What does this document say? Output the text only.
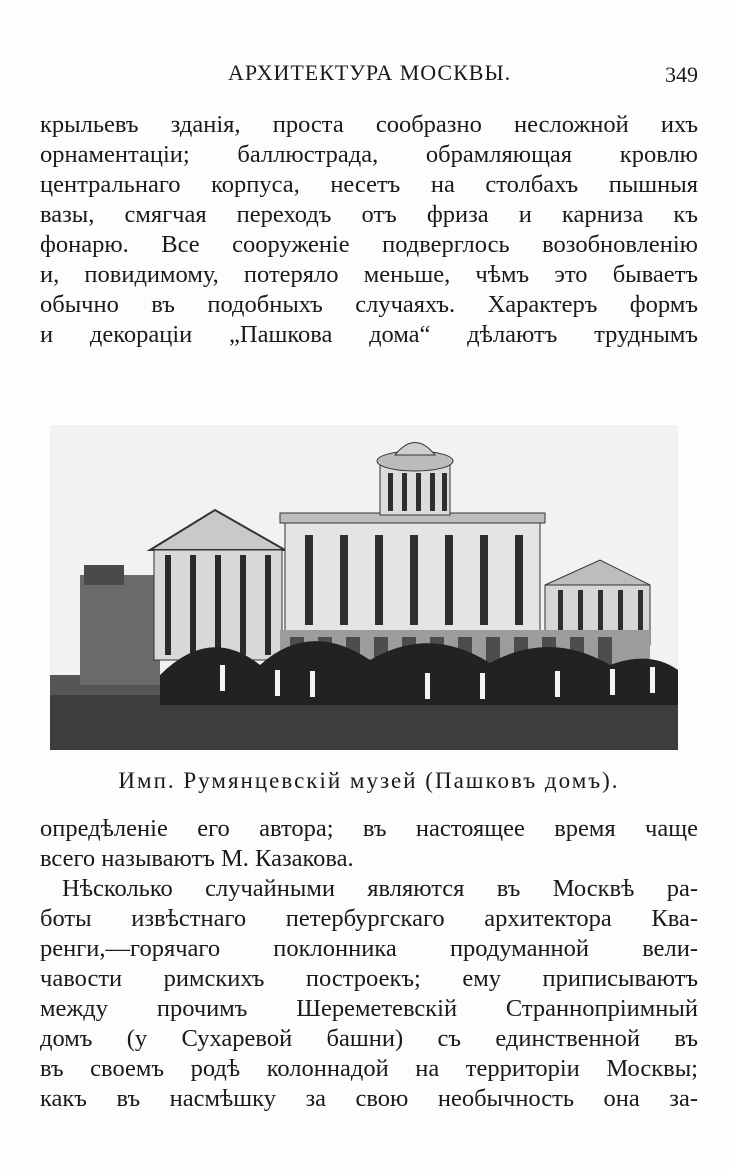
АРХИТЕКТУРА МОСКВЫ.	349
крыльевъ зданія, проста сообразно несложной ихъ
орнаментаціи; баллюстрада, обрамляющая кровлю
центральнаго корпуса, несетъ на столбахъ пышныя
вазы, смягчая переходъ отъ фриза и карниза къ
фонарю. Все сооруженіе подверглось возобновленію
и, повидимому, потеряло меньше, чѣмъ это бываетъ
обычно въ подобныхъ случаяхъ. Характеръ формъ
и декораціи „Пашкова дома“ дѣлаютъ труднымъ
Имп. Румянцевскій музей (Пашковъ домъ).
опредѣленіе его автора; въ настоящее время чаще
всего называютъ М. Казакова.
Нѣсколько случайными являются въ Москвѣ ра-
боты извѣстнаго петербургскаго архитектора Ква-
ренги,—горячаго поклонника продуманной вели-
чавости римскихъ построекъ; ему приписываютъ
между прочимъ Шереметевскій Страннопріимный
домъ (у Сухаревой башни) съ единственной въ
въ своемъ родѣ колоннадой на территоріи Москвы;
какъ въ насмѣшку за свою необычность она за-
